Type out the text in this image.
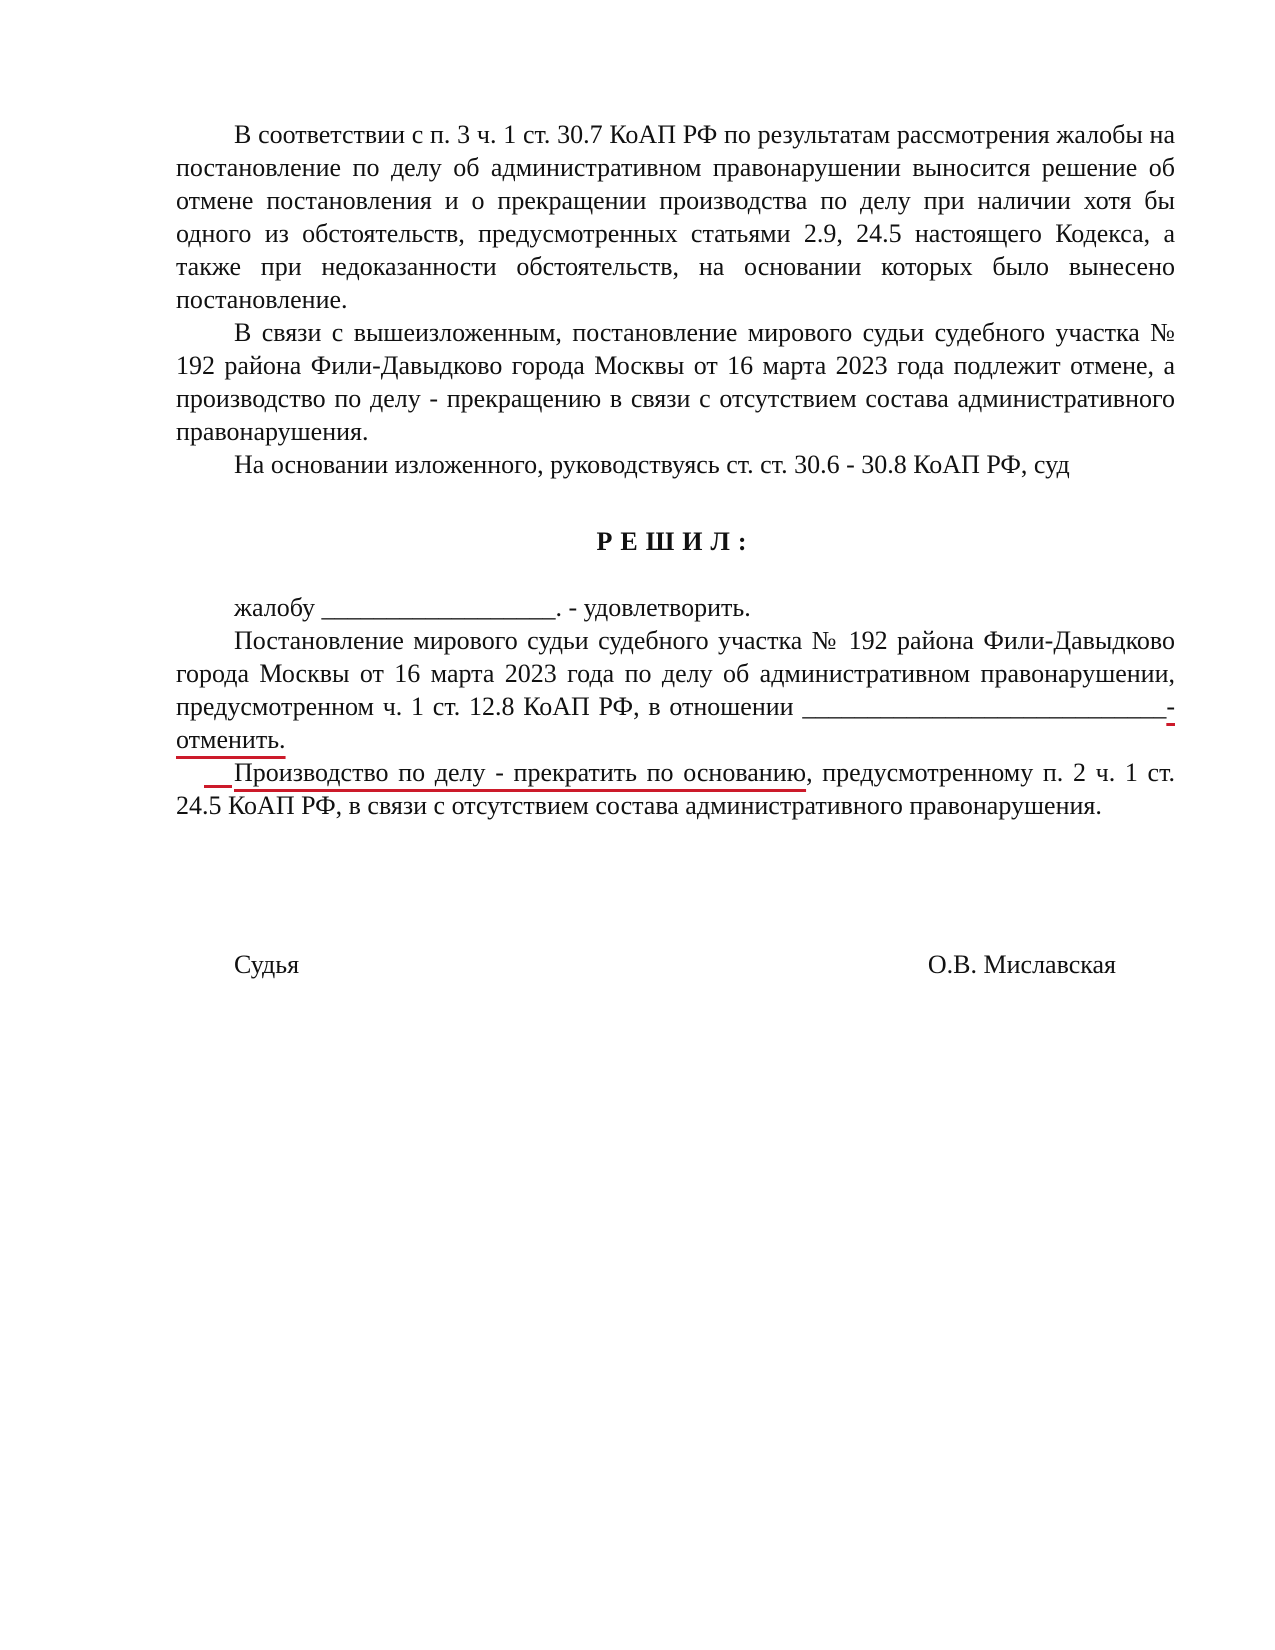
В соответствии с п. 3 ч. 1 ст. 30.7 КоАП РФ по результатам рассмотрения жалобы на постановление по делу об административном правонарушении выносится решение об отмене постановления и о прекращении производства по делу при наличии хотя бы одного из обстоятельств, предусмотренных статьями 2.9, 24.5 настоящего Кодекса, а также при недоказанности обстоятельств, на основании которых было вынесено постановление.

В связи с вышеизложенным, постановление мирового судьи судебного участка № 192 района Фили-Давыдково города Москвы от 16 марта 2023 года подлежит отмене, а производство по делу - прекращению в связи с отсутствием состава административного правонарушения.

На основании изложенного, руководствуясь ст. ст. 30.6 - 30.8 КоАП РФ, суд

РЕШИЛ:

жалобу __________________. - удовлетворить.

Постановление мирового судьи судебного участка № 192 района Фили-Давыдково города Москвы от 16 марта 2023 года по делу об административном правонарушении, предусмотренном ч. 1 ст. 12.8 КоАП РФ, в отношении ____________________________- отменить.

Производство по делу - прекратить по основанию, предусмотренному п. 2 ч. 1 ст. 24.5 КоАП РФ, в связи с отсутствием состава административного правонарушения.

Судья	О.В. Миславская
